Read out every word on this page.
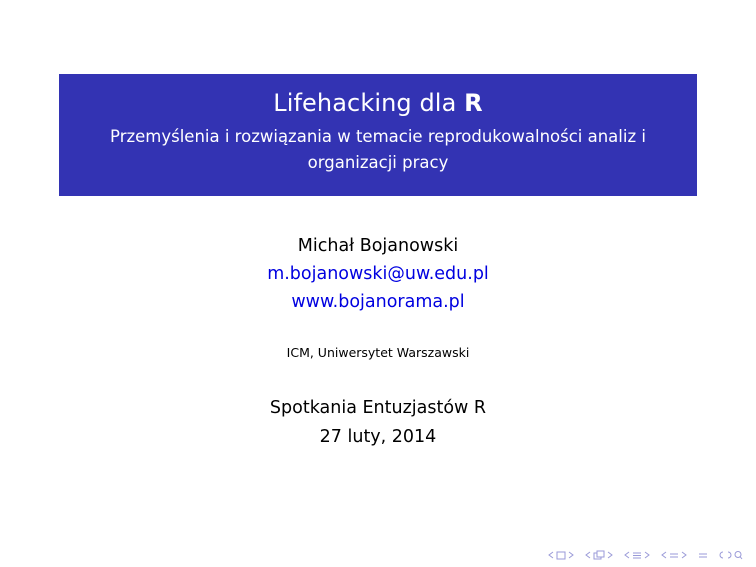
Lifehacking dla R
Przemyślenia i rozwiązania w temacie reprodukowalności analiz i organizacji pracy
Michał Bojanowski
m.bojanowski@uw.edu.pl
www.bojanorama.pl
ICM, Uniwersytet Warszawski
Spotkania Entuzjastów R
27 luty, 2014
